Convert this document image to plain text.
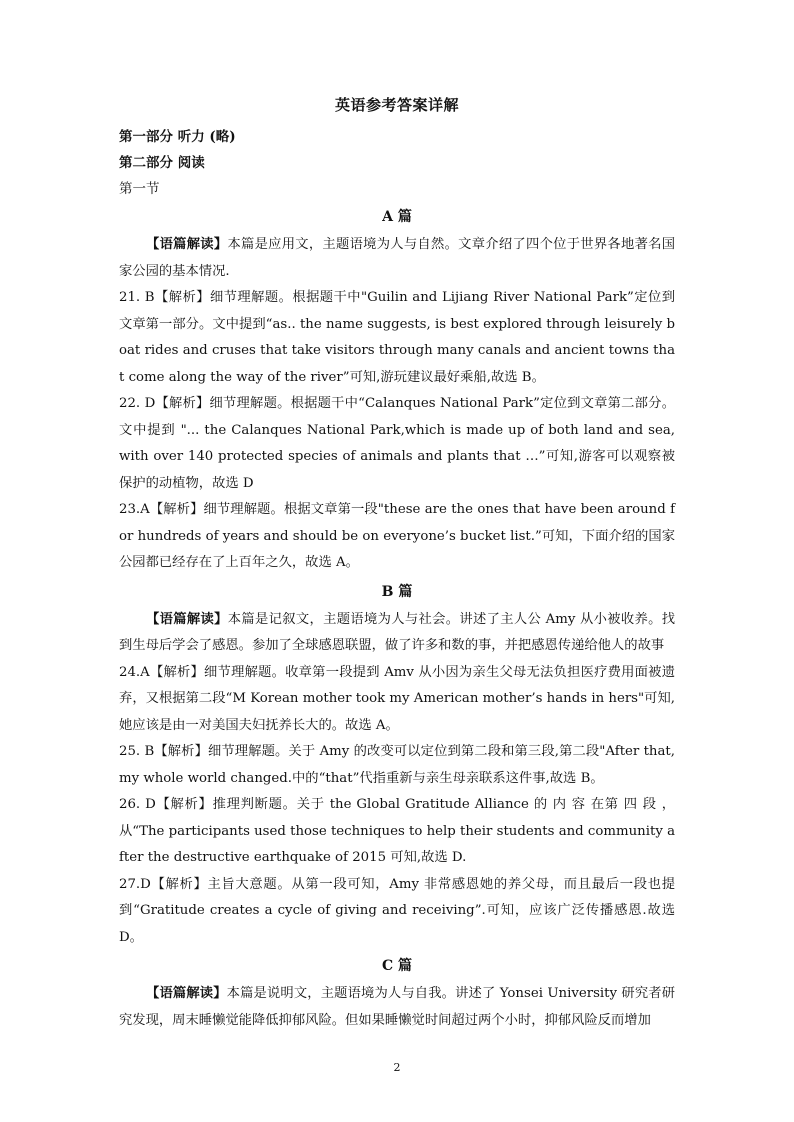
英语参考答案详解

第一部分 听力 (略)

第二部分 阅读

第一节

A 篇

【语篇解读】本篇是应用文，主题语境为人与自然。文章介绍了四个位于世界各地著名国家公园的基本情况.

21. B【解析】细节理解题。根据题干中"Guilin and Lijiang River National Park”定位到文章第一部分。文中提到“as.. the name suggests, is best explored through leisurely boat rides and cruses that take visitors through many canals and ancient towns that come along the way of the river”可知,游玩建议最好乘船,故选 B。

22. D【解析】细节理解题。根据题干中“Calanques National Park”定位到文章第二部分。文中提到 "... the Calanques National Park,which is made up of both land and sea, with over 140 protected species of animals and plants that …”可知,游客可以观察被保护的动植物，故选 D

23.A【解析】细节理解题。根据文章第一段"these are the ones that have been around for hundreds of years and should be on everyone’s bucket list.”可知，下面介绍的国家公园都已经存在了上百年之久，故选 A。

B 篇

【语篇解读】本篇是记叙文，主题语境为人与社会。讲述了主人公 Amy 从小被收养。找到生母后学会了感恩。参加了全球感恩联盟，做了许多和数的事，并把感恩传递给他人的故事

24.A【解析】细节理解题。收章第一段提到 Amv 从小因为亲生父母无法负担医疗费用面被遗弃，又根据第二段“M Korean mother took my American mother’s hands in hers"可知,她应该是由一对美国夫妇抚养长大的。故选 A。

25. B【解析】细节理解题。关于 Amy 的改变可以定位到第二段和第三段,第二段"After that,my whole world changed.中的“that”代指重新与亲生母亲联系这件事,故选 B。

26. D【解析】推理判断题。关于 the Global Gratitude Alliance 的 内 容 在第 四 段 ，从“The participants used those techniques to help their students and community after the destructive earthquake of 2015 可知,故选 D.

27.D【解析】主旨大意题。从第一段可知，Amy 非常感恩她的养父母，而且最后一段也提到“Gratitude creates a cycle of giving and receiving”.可知，应该广泛传播感恩.故选 D。

C 篇

【语篇解读】本篇是说明文，主题语境为人与自我。讲述了 Yonsei University 研究者研究发现，周末睡懒觉能降低抑郁风险。但如果睡懒觉时间超过两个小时，抑郁风险反而增加

2
